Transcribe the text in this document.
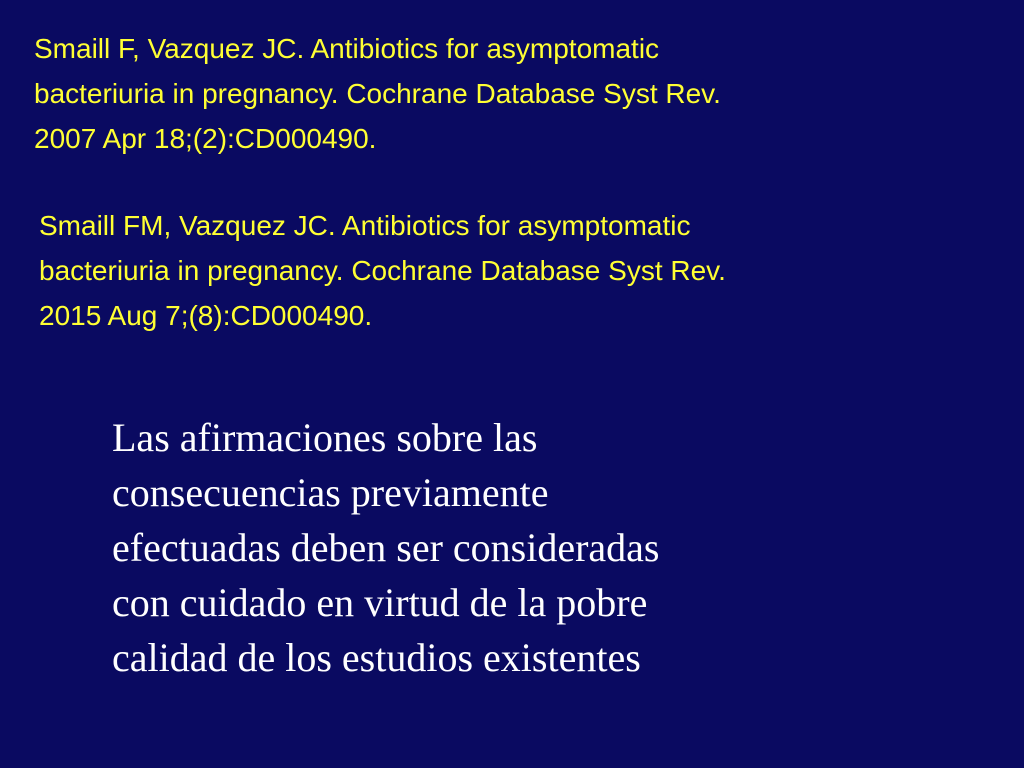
Smaill F, Vazquez JC. Antibiotics for asymptomatic
bacteriuria in pregnancy. Cochrane Database Syst Rev.
2007 Apr 18;(2):CD000490.
Smaill FM, Vazquez JC. Antibiotics for asymptomatic
bacteriuria in pregnancy. Cochrane Database Syst Rev.
2015 Aug 7;(8):CD000490.
Las afirmaciones sobre las
consecuencias previamente
efectuadas deben ser consideradas
con cuidado en virtud de la pobre
calidad de los estudios existentes
